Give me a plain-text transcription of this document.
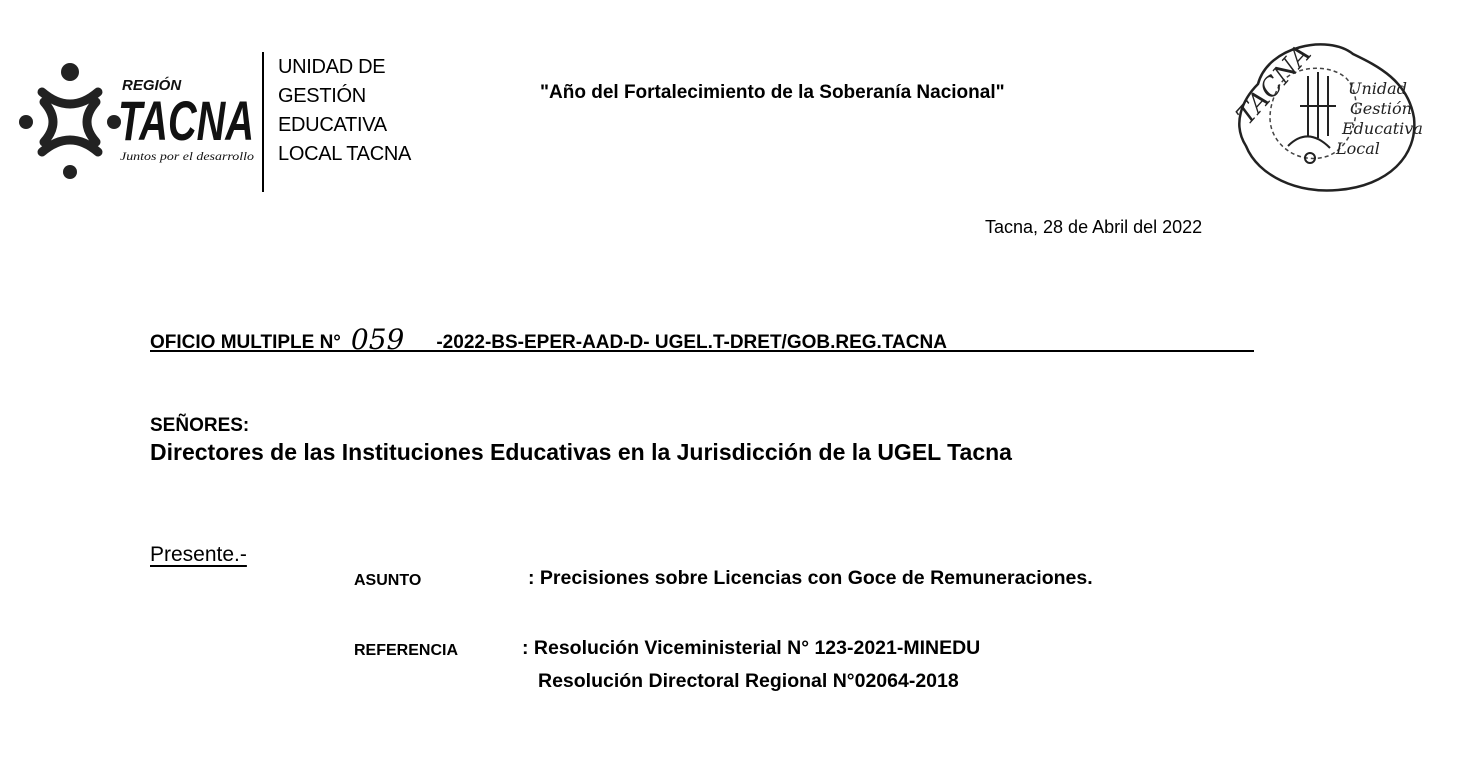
REGIÓN
TACNA
Juntos por el desarrollo
UNIDAD DE
GESTIÓN
EDUCATIVA
LOCAL TACNA
"Año del Fortalecimiento de la Soberanía Nacional"	TACNA Unidad
Gestión
Educativa
Local
Tacna, 28 de Abril del 2022
OFICIO MULTIPLE N° 059 -2022-BS-EPER-AAD-D- UGEL.T-DRET/GOB.REG.TACNA
SEÑORES:
Directores de las Instituciones Educativas en la Jurisdicción de la UGEL Tacna
Presente.-
ASUNTO	: Precisiones sobre Licencias con Goce de Remuneraciones.
REFERENCIA	: Resolución Viceministerial N° 123-2021-MINEDU
Resolución Directoral Regional N°02064-2018
